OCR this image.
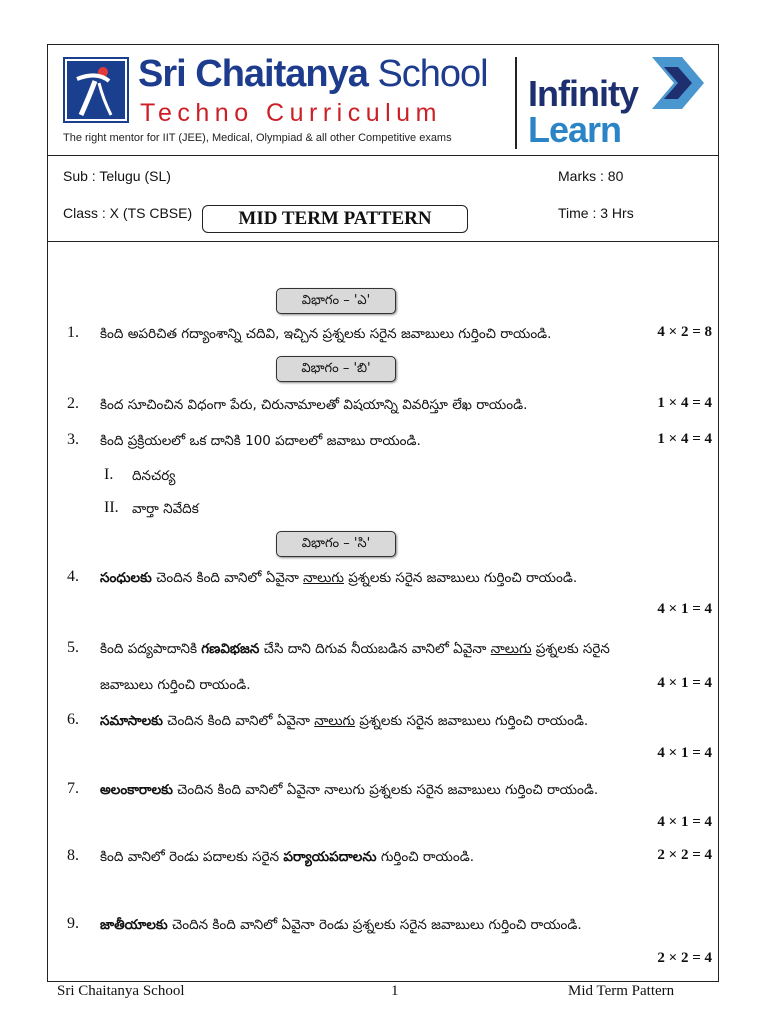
Sri Chaitanya School
Techno Curriculum
The right mentor for IIT (JEE), Medical, Olympiad & all other Competitive exams
Infinity
Learn
Sub : Telugu (SL)	Marks : 80
Class : X (TS CBSE)	Time : 3 Hrs
MID TERM PATTERN
విభాగం – 'ఎ'
1. కింది అపరిచిత గద్యాంశాన్ని చదివి, ఇచ్చిన ప్రశ్నలకు సరైన జవాబులు గుర్తించి రాయండి.	4 × 2 = 8
విభాగం – 'బి'
2. కింద సూచించిన విధంగా పేరు, చిరునామాలతో విషయాన్ని వివరిస్తూ లేఖ రాయండి.	1 × 4 = 4
3. కింది ప్రక్రియలలో ఒక దానికి 100 పదాలలో జవాబు రాయండి.	1 × 4 = 4
I. దినచర్య
II. వార్తా నివేదిక
విభాగం – 'సి'
4. సంధులకు చెందిన కింది వానిలో ఏవైనా నాలుగు ప్రశ్నలకు సరైన జవాబులు గుర్తించి రాయండి.
4 × 1 = 4
5. కింది పద్యపాదానికి గణవిభజన చేసి దాని దిగువ నీయబడిన వానిలో ఏవైనా నాలుగు ప్రశ్నలకు సరైన
జవాబులు గుర్తించి రాయండి.	4 × 1 = 4
6. సమాసాలకు చెందిన కింది వానిలో ఏవైనా నాలుగు ప్రశ్నలకు సరైన జవాబులు గుర్తించి రాయండి.
4 × 1 = 4
7. అలంకారాలకు చెందిన కింది వానిలో ఏవైనా నాలుగు ప్రశ్నలకు సరైన జవాబులు గుర్తించి రాయండి.
4 × 1 = 4
8. కింది వానిలో రెండు పదాలకు సరైన పర్యాయపదాలను గుర్తించి రాయండి.	2 × 2 = 4
9. జాతీయాలకు చెందిన కింది వానిలో ఏవైనా రెండు ప్రశ్నలకు సరైన జవాబులు గుర్తించి రాయండి.
2 × 2 = 4
Sri Chaitanya School	1	Mid Term Pattern
